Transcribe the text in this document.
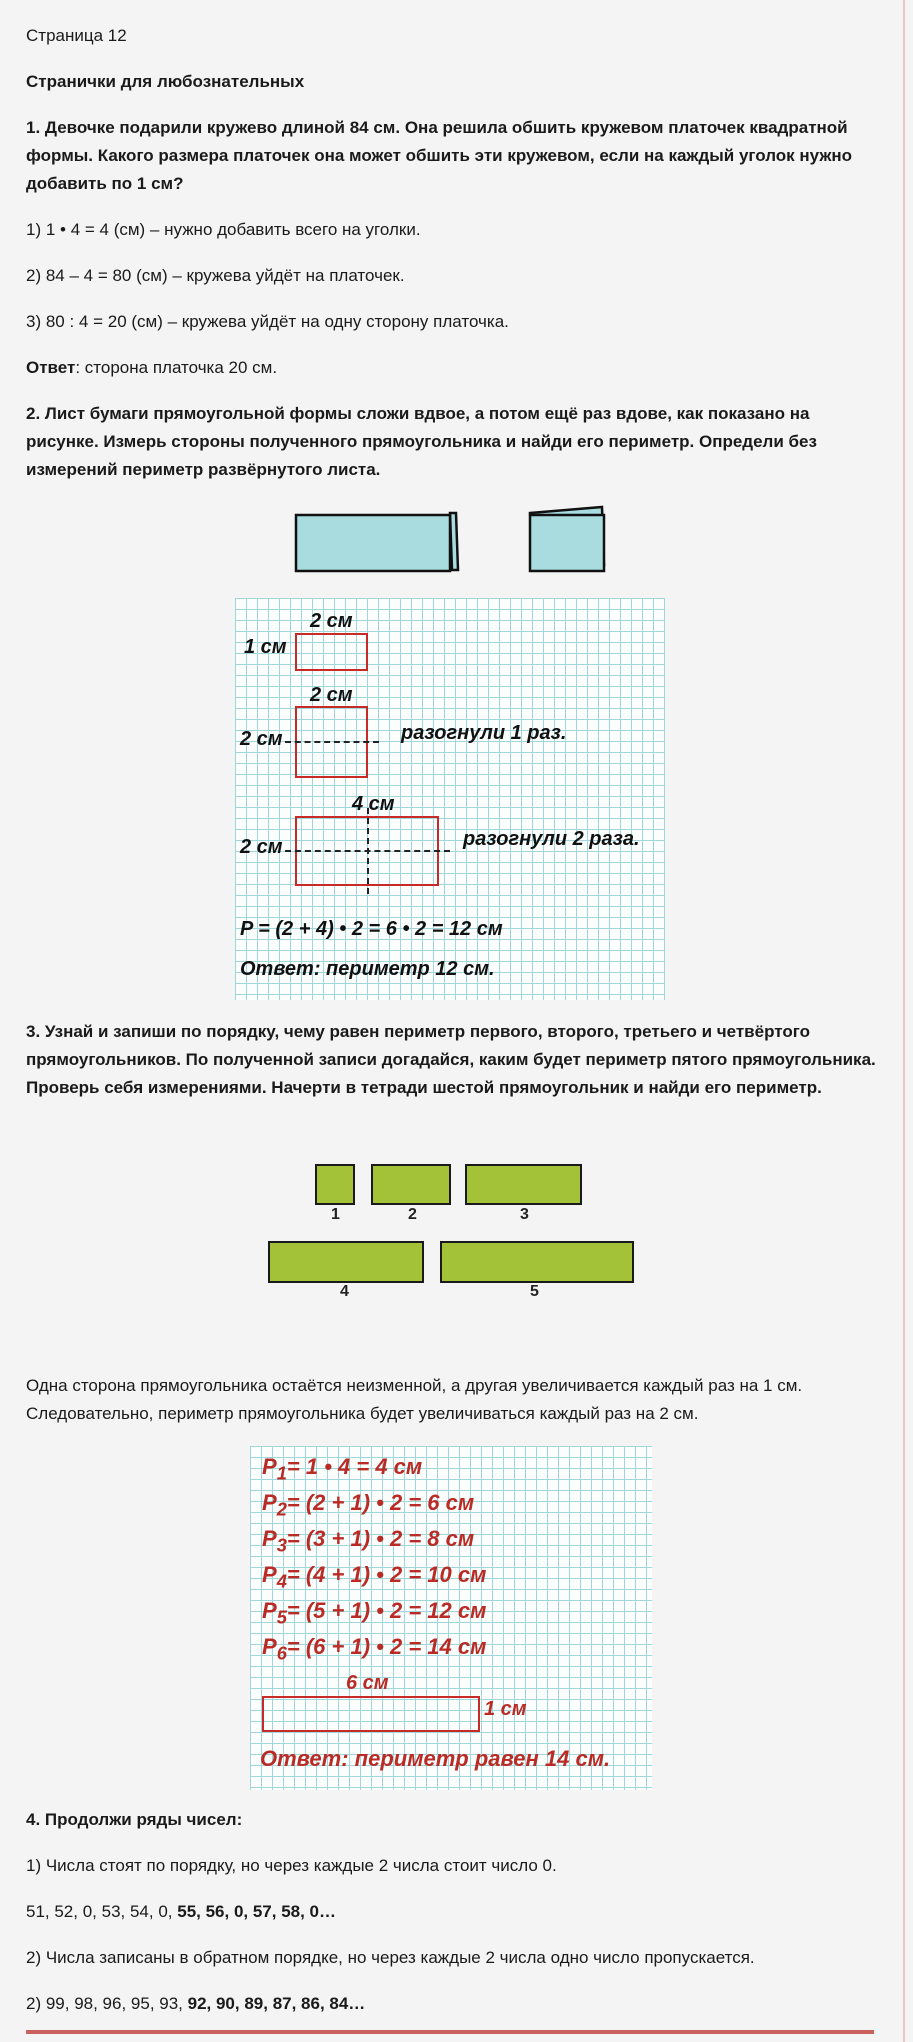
Страница 12

Странички для любознательных

1. Девочке подарили кружево длиной 84 см. Она решила обшить кружевом платочек квадратной формы. Какого размера платочек она может обшить эти кружевом, если на каждый уголок нужно добавить по 1 см?

1) 1 • 4 = 4 (см) – нужно добавить всего на уголки.

2) 84 – 4 = 80 (см) – кружева уйдёт на платочек.

3) 80 : 4 = 20 (см) – кружева уйдёт на одну сторону платочка.

Ответ: сторона платочка 20 см.

2. Лист бумаги прямоугольной формы сложи вдвое, а потом ещё раз вдове, как показано на рисунке. Измерь стороны полученного прямоугольника и найди его периметр. Определи без измерений периметр развёрнутого листа.

2 см
1 см
2 см
2 см	разогнули 1 раз.
4 см
2 см	разогнули 2 раза.
P = (2 + 4) • 2 = 6 • 2 = 12 см
Ответ: периметр 12 см.

3. Узнай и запиши по порядку, чему равен периметр первого, второго, третьего и четвёртого прямоугольников. По полученной записи догадайся, каким будет периметр пятого прямоугольника. Проверь себя измерениями. Начерти в тетради шестой прямоугольник и найди его периметр.

1	2	3
4	5

Одна сторона прямоугольника остаётся неизменной, а другая увеличивается каждый раз на 1 см. Следовательно, периметр прямоугольника будет увеличиваться каждый раз на 2 см.

$P_1= 1$ • 4 = 4 см
$P_2= (2 + 1)$ • 2 = 6 см
$P_3= (3 + 1)$ • 2 = 8 см
$P_4= (4 + 1)$ • 2 = 10 см
$P_5= (5 + 1)$ • 2 = 12 см
$P_6= (6 + 1)$ • 2 = 14 см
6 см
1 см
Ответ: периметр равен 14 см.

4. Продолжи ряды чисел:

1) Числа стоят по порядку, но через каждые 2 числа стоит число 0.

51, 52, 0, 53, 54, 0, 55, 56, 0, 57, 58, 0…

2) Числа записаны в обратном порядке, но через каждые 2 числа одно число пропускается.

2) 99, 98, 96, 95, 93, 92, 90, 89, 87, 86, 84…
